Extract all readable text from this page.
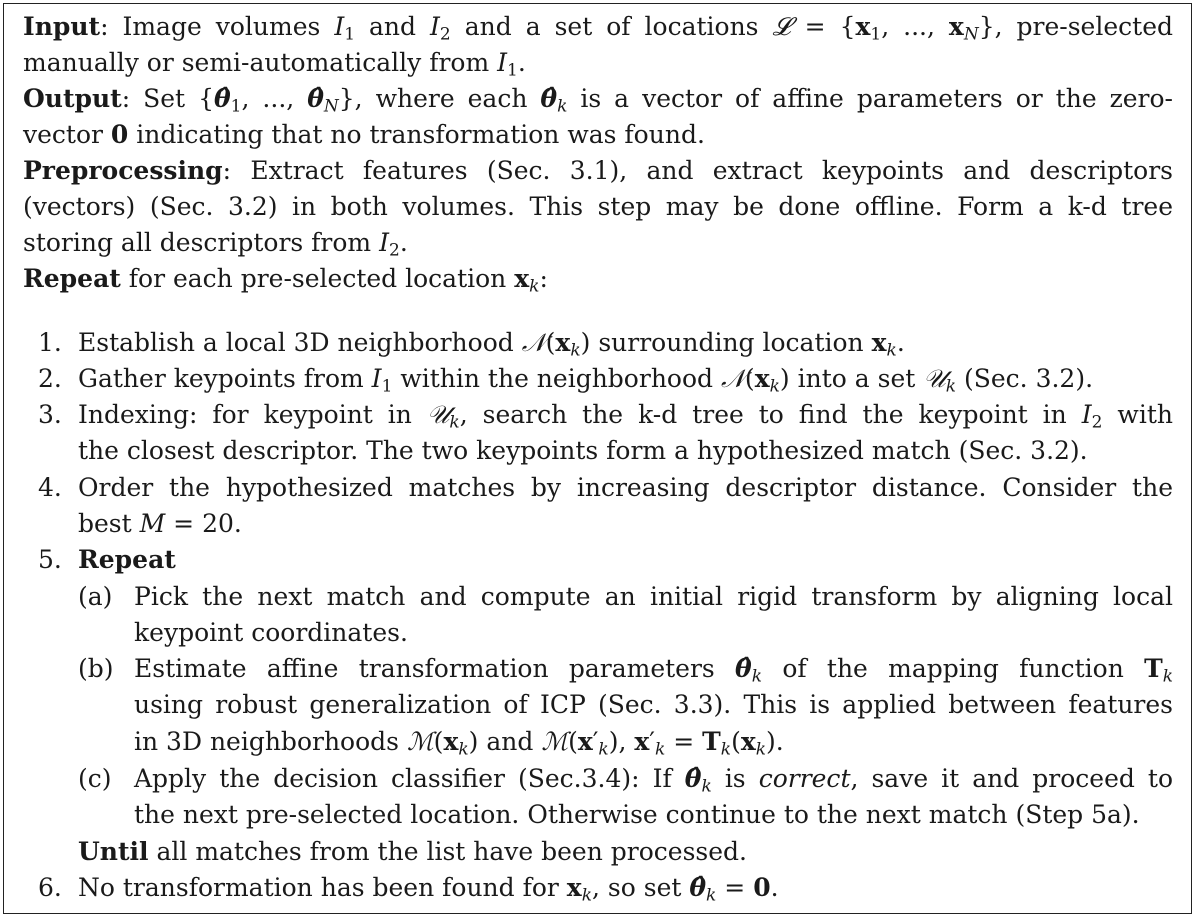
Input: Image volumes $I_1$ and $I_2$ and a set of locations 𝓛 = {$x_1$, ..., $x_N$}, pre-selected
manually or semi-automatically from $I_1$.
Output: Set {$\thetâ_1$, ..., $\thetâ_N$}, where each $\thetâ_k$ is a vector of affine parameters or the zero-
vector 0 indicating that no transformation was found.
Preprocessing: Extract features (Sec. 3.1), and extract keypoints and descriptors
(vectors) (Sec. 3.2) in both volumes. This step may be done offline. Form a k-d tree
storing all descriptors from $I_2$.
Repeat for each pre-selected location $x_k$:
1. Establish a local 3D neighborhood $𝒩(x_k)$ surrounding location $x_k$.
2. Gather keypoints from $I_1$ within the neighborhood $𝒩(x_k)$ into a set 𝒰$_k$ (Sec. 3.2).
3. Indexing: for keypoint in 𝒰$_k$, search the k-d tree to find the keypoint in $I_2$ with
the closest descriptor. The two keypoints form a hypothesized match (Sec. 3.2).
4. Order the hypothesized matches by increasing descriptor distance. Consider the
best M = 20.
5. Repeat
(a) Pick the next match and compute an initial rigid transform by aligning local
keypoint coordinates.
(b) Estimate affine transformation parameters $\thetâ_k$ of the mapping function $T_k$
using robust generalization of ICP (Sec. 3.3). This is applied between features
in 3D neighborhoods $ℳ(x_k)$ and $ℳ(x'_k)$, $x'_k = T_k(x_k)$.
(c) Apply the decision classifier (Sec.3.4): If $\thetâ_k$ is correct, save it and proceed to
the next pre-selected location. Otherwise continue to the next match (Step 5a).
Until all matches from the list have been processed.
6. No transformation has been found for $x_k$, so set $\thetâ_k = 0$.
